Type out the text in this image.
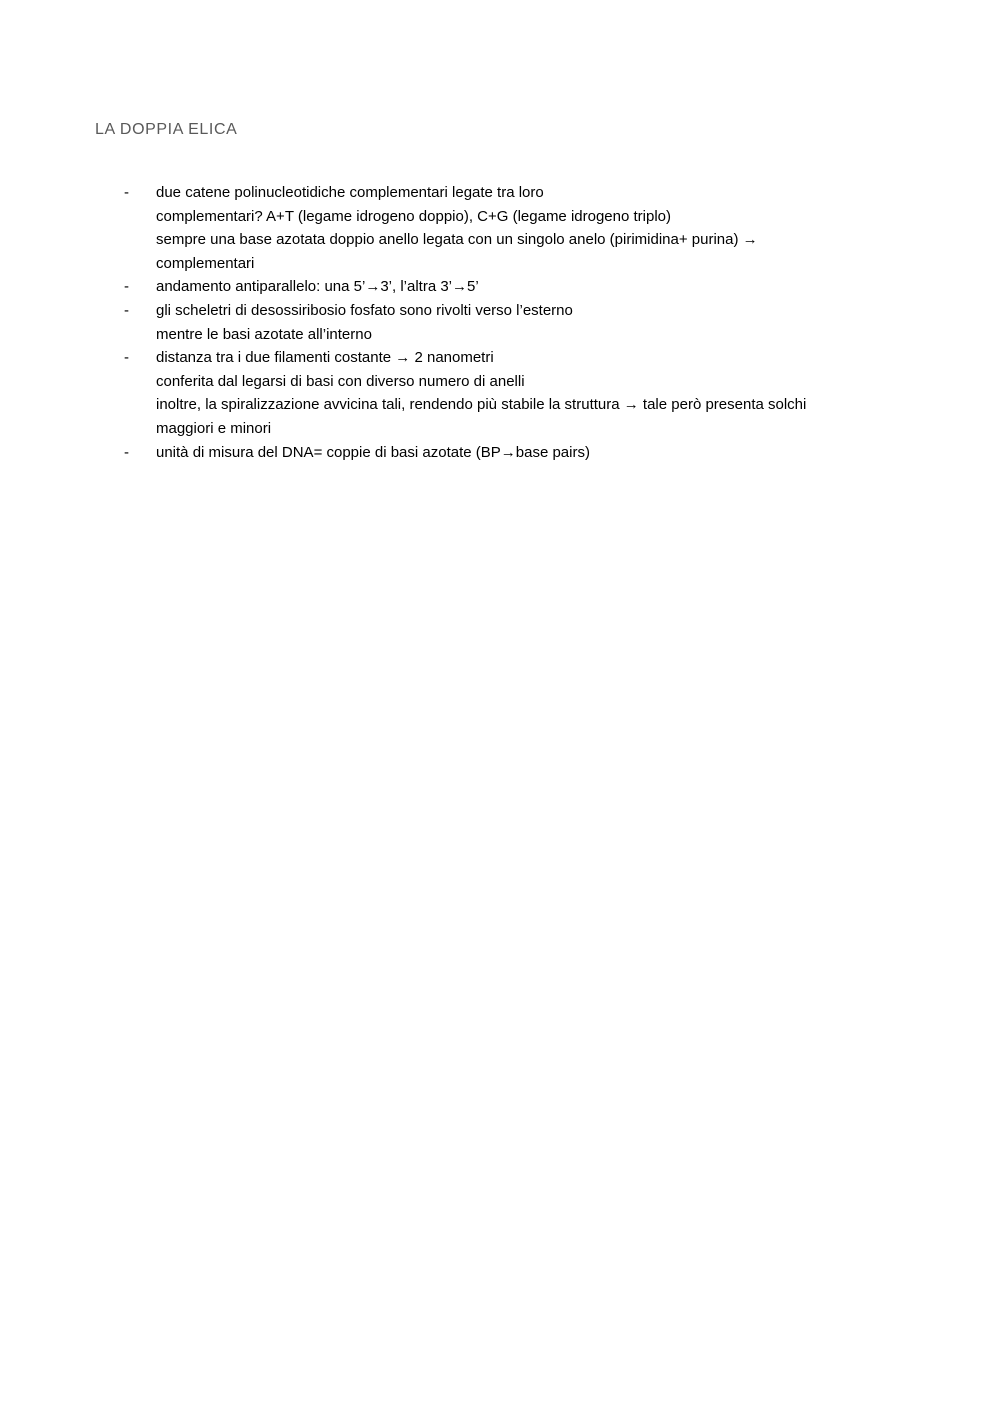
LA DOPPIA ELICA
- due catene polinucleotidiche complementari legate tra loro
complementari? A+T (legame idrogeno doppio), C+G (legame idrogeno triplo)
sempre una base azotata doppio anello legata con un singolo anelo (pirimidina+ purina) →
complementari
- andamento antiparallelo: una 5’→3’, l’altra 3’→5’
- gli scheletri di desossiribosio fosfato sono rivolti verso l’esterno
mentre le basi azotate all’interno
- distanza tra i due filamenti costante → 2 nanometri
conferita dal legarsi di basi con diverso numero di anelli
inoltre, la spiralizzazione avvicina tali, rendendo più stabile la struttura → tale però presenta solchi
maggiori e minori
- unità di misura del DNA= coppie di basi azotate (BP→base pairs)
